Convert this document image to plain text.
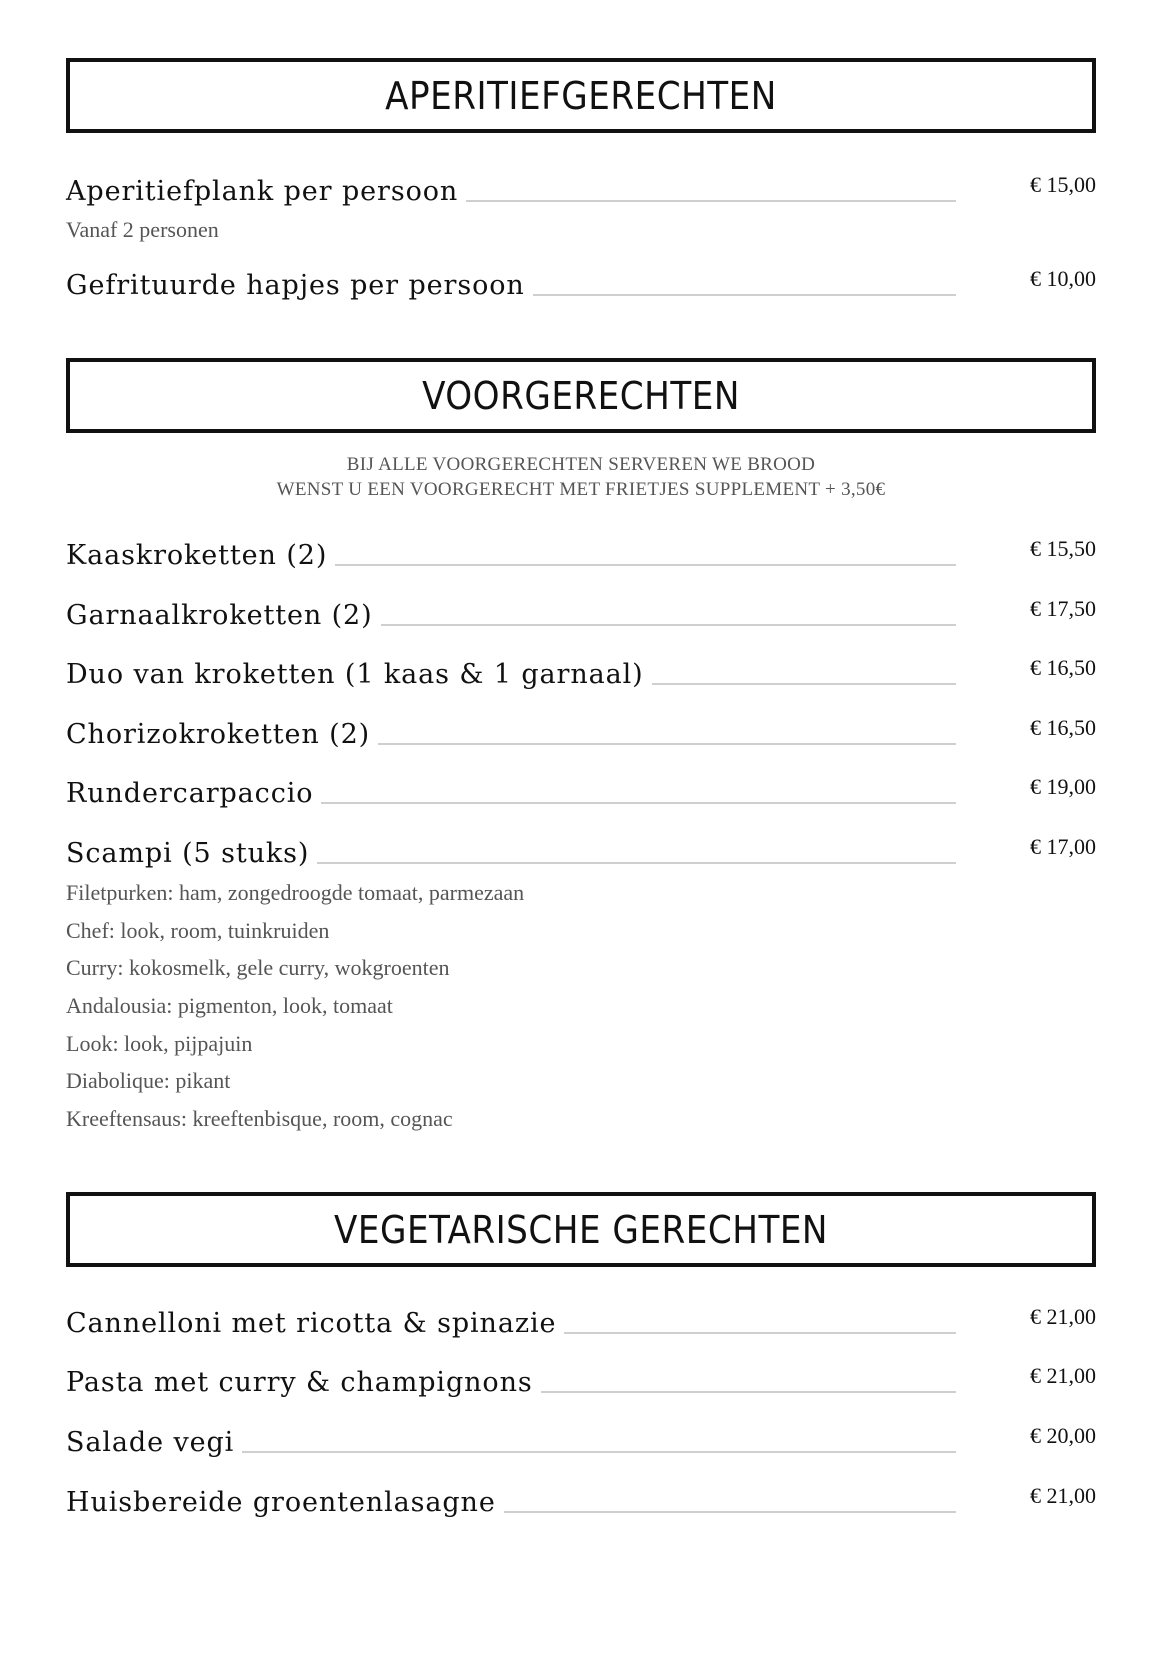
APERITIEFGERECHTEN
Aperitiefplank per persoon	€ 15,00
Vanaf 2 personen
Gefrituurde hapjes per persoon	€ 10,00
VOORGERECHTEN
BIJ ALLE VOORGERECHTEN SERVEREN WE BROOD
WENST U EEN VOORGERECHT MET FRIETJES SUPPLEMENT + 3,50€
Kaaskroketten (2)	€ 15,50
Garnaalkroketten (2)	€ 17,50
Duo van kroketten (1 kaas & 1 garnaal)	€ 16,50
Chorizokroketten (2)	€ 16,50
Rundercarpaccio	€ 19,00
Scampi (5 stuks)	€ 17,00
Filetpurken: ham, zongedroogde tomaat, parmezaan
Chef: look, room, tuinkruiden
Curry: kokosmelk, gele curry, wokgroenten
Andalousia: pigmenton, look, tomaat
Look: look, pijpajuin
Diabolique: pikant
Kreeftensaus: kreeftenbisque, room, cognac
VEGETARISCHE GERECHTEN
Cannelloni met ricotta & spinazie	€ 21,00
Pasta met curry & champignons	€ 21,00
Salade vegi	€ 20,00
Huisbereide groentenlasagne	€ 21,00
